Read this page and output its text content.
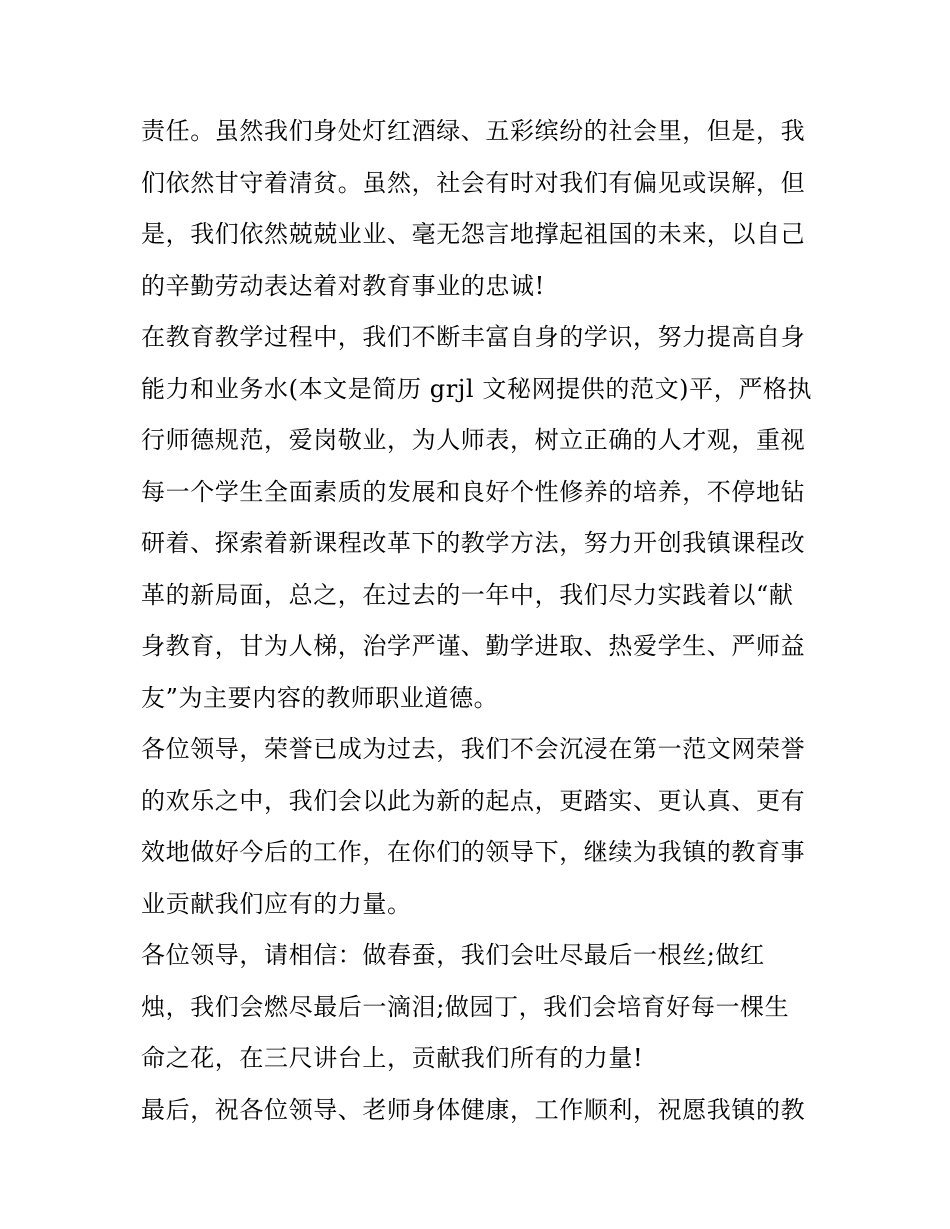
责任。虽然我们身处灯红酒绿、五彩缤纷的社会里，但是，我
们依然甘守着清贫。虽然，社会有时对我们有偏见或误解，但
是，我们依然兢兢业业、毫无怨言地撑起祖国的未来，以自己
的辛勤劳动表达着对教育事业的忠诚!
在教育教学过程中，我们不断丰富自身的学识，努力提高自身
能力和业务水(本文是简历 grjl 文秘网提供的范文)平，严格执
行师德规范，爱岗敬业，为人师表，树立正确的人才观，重视
每一个学生全面素质的发展和良好个性修养的培养，不停地钻
研着、探索着新课程改革下的教学方法，努力开创我镇课程改
革的新局面，总之，在过去的一年中，我们尽力实践着以“献
身教育，甘为人梯，治学严谨、勤学进取、热爱学生、严师益
友”为主要内容的教师职业道德。
各位领导，荣誉已成为过去，我们不会沉浸在第一范文网荣誉
的欢乐之中，我们会以此为新的起点，更踏实、更认真、更有
效地做好今后的工作，在你们的领导下，继续为我镇的教育事
业贡献我们应有的力量。
各位领导，请相信：做春蚕，我们会吐尽最后一根丝;做红
烛，我们会燃尽最后一滴泪;做园丁，我们会培育好每一棵生
命之花，在三尺讲台上，贡献我们所有的力量!
最后，祝各位领导、老师身体健康，工作顺利，祝愿我镇的教
